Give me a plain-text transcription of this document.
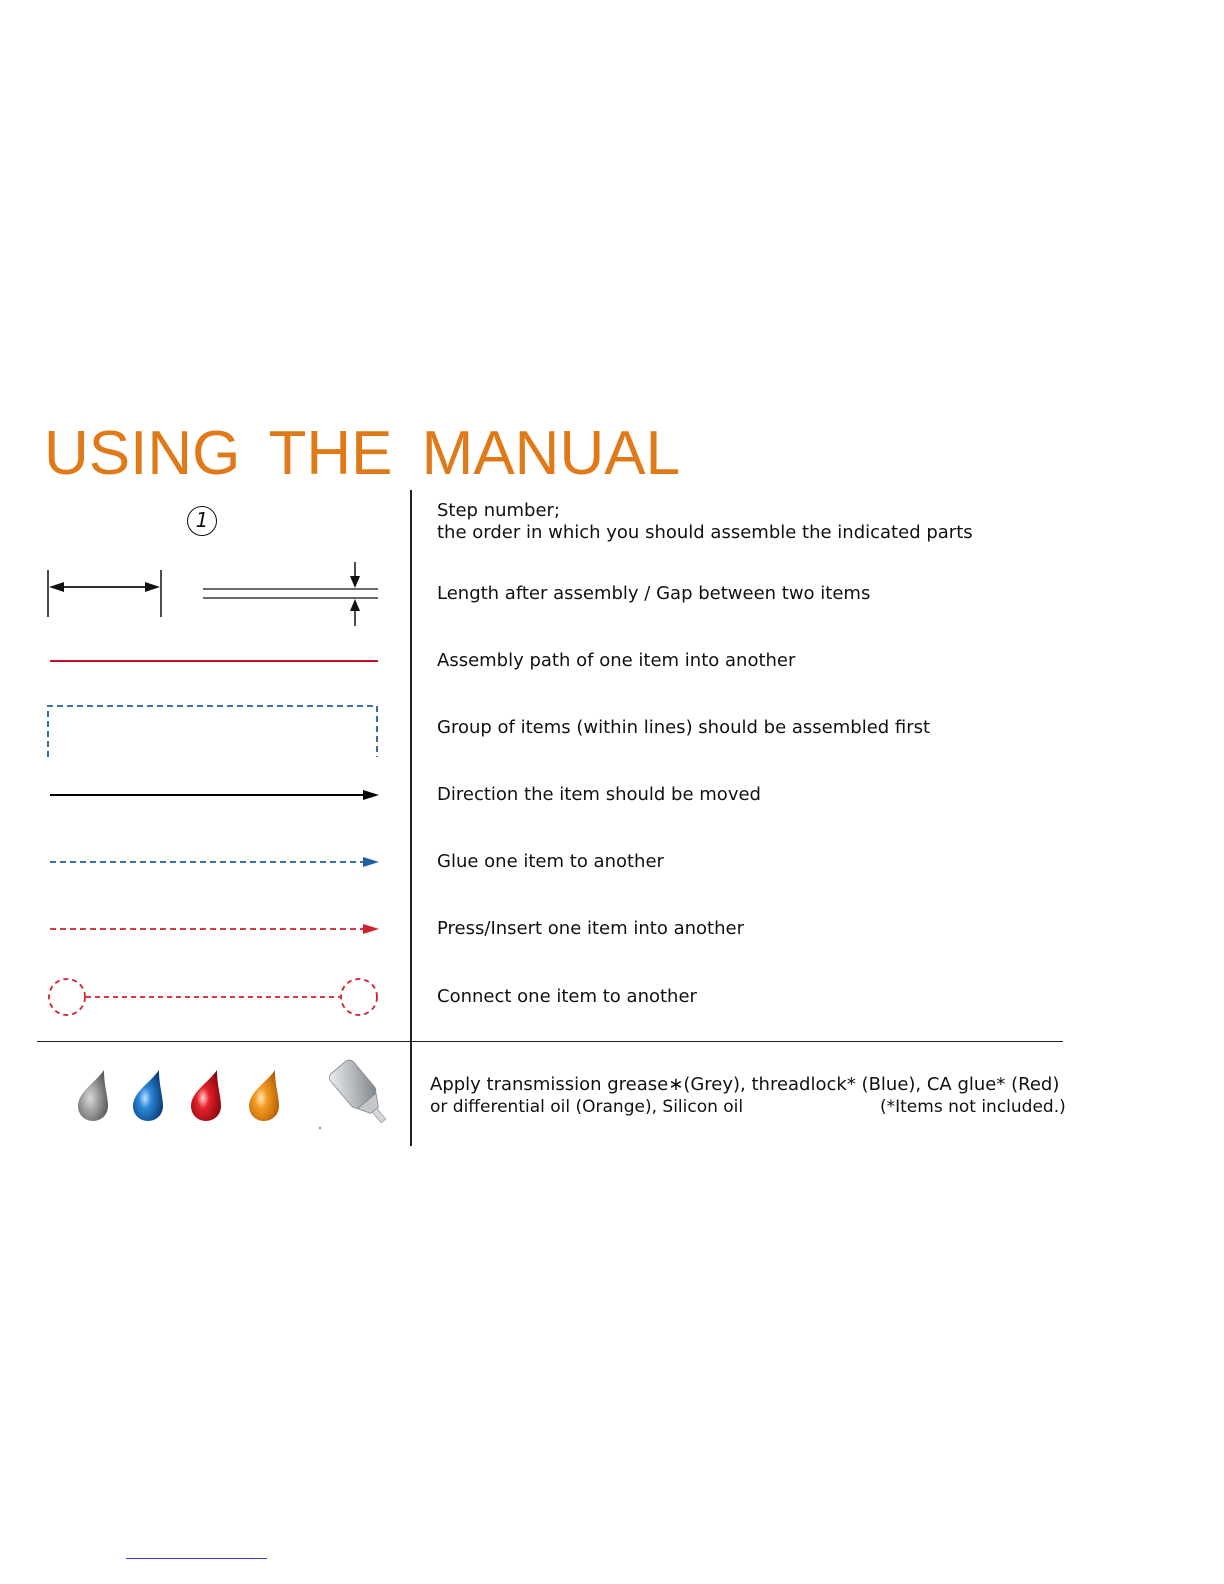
USING THE MANUAL
1	Step number;
the order in which you should assemble the indicated parts
Length after assembly / Gap between two items
Assembly path of one item into another
Group of items (within lines) should be assembled first
Direction the item should be moved
Glue one item to another
Press/Insert one item into another
Connect one item to another
Apply transmission grease∗(Grey), threadlock* (Blue), CA glue* (Red)
or differential oil (Orange), Silicon oil	(*Items not included.)
